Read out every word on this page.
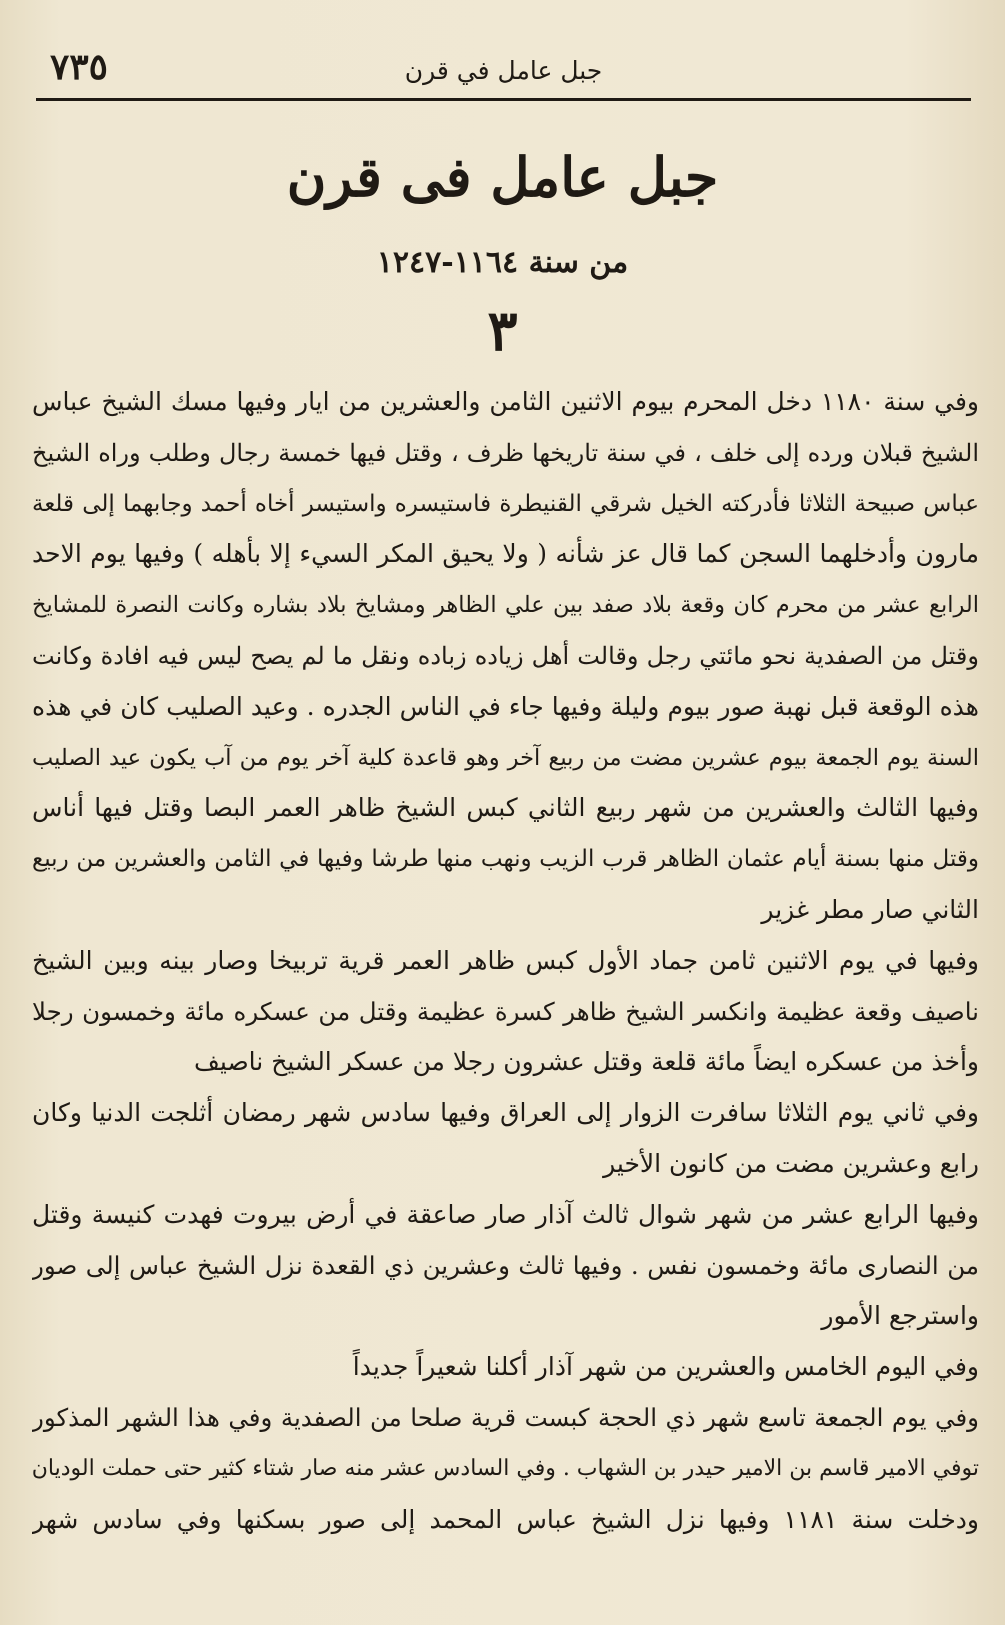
جبل عامل في قرن
٧٣٥
جبل عامل فى قرن
من سنة ١١٦٤-١٢٤٧
٣
وفي سنة ١١٨٠ دخل المحرم بيوم الاثنين الثامن والعشرين من ايار وفيها مسك الشيخ عباس
الشيخ قبلان ورده إلى خلف ، في سنة تاريخها ظرف ، وقتل فيها خمسة رجال وطلب وراه الشيخ
عباس صبيحة الثلاثا فأدركته الخيل شرقي القنيطرة فاستيسره واستيسر أخاه أحمد وجابهما إلى قلعة
مارون وأدخلهما السجن كما قال عز شأنه ( ولا يحيق المكر السيء إلا بأهله ) وفيها يوم الاحد
الرابع عشر من محرم كان وقعة بلاد صفد بين علي الظاهر ومشايخ بلاد بشاره وكانت النصرة للمشايخ
وقتل من الصفدية نحو مائتي رجل وقالت أهل زياده زباده ونقل ما لم يصح ليس فيه افادة وكانت
هذه الوقعة قبل نهبة صور بيوم وليلة وفيها جاء في الناس الجدره . وعيد الصليب كان في هذه
السنة يوم الجمعة بيوم عشرين مضت من ربيع آخر وهو قاعدة كلية آخر يوم من آب يكون عيد الصليب
وفيها الثالث والعشرين من شهر ربيع الثاني كبس الشيخ ظاهر العمر البصا وقتل فيها أناس
وقتل منها بسنة أيام عثمان الظاهر قرب الزيب ونهب منها طرشا وفيها في الثامن والعشرين من ربيع
الثاني صار مطر غزير
وفيها في يوم الاثنين ثامن جماد الأول كبس ظاهر العمر قرية تربيخا وصار بينه وبين الشيخ
ناصيف وقعة عظيمة وانكسر الشيخ ظاهر كسرة عظيمة وقتل من عسكره مائة وخمسون رجلا
وأخذ من عسكره ايضاً مائة قلعة وقتل عشرون رجلا من عسكر الشيخ ناصيف
وفي ثاني يوم الثلاثا سافرت الزوار إلى العراق وفيها سادس شهر رمضان أثلجت الدنيا وكان
رابع وعشرين مضت من كانون الأخير
وفيها الرابع عشر من شهر شوال ثالث آذار صار صاعقة في أرض بيروت فهدت كنيسة وقتل
من النصارى مائة وخمسون نفس . وفيها ثالث وعشرين ذي القعدة نزل الشيخ عباس إلى صور
واسترجع الأمور
وفي اليوم الخامس والعشرين من شهر آذار أكلنا شعيراً جديداً
وفي يوم الجمعة تاسع شهر ذي الحجة كبست قرية صلحا من الصفدية وفي هذا الشهر المذكور
توفي الامير قاسم بن الامير حيدر بن الشهاب . وفي السادس عشر منه صار شتاء كثير حتى حملت الوديان
ودخلت سنة ١١٨١ وفيها نزل الشيخ عباس المحمد إلى صور بسكنها وفي سادس شهر
